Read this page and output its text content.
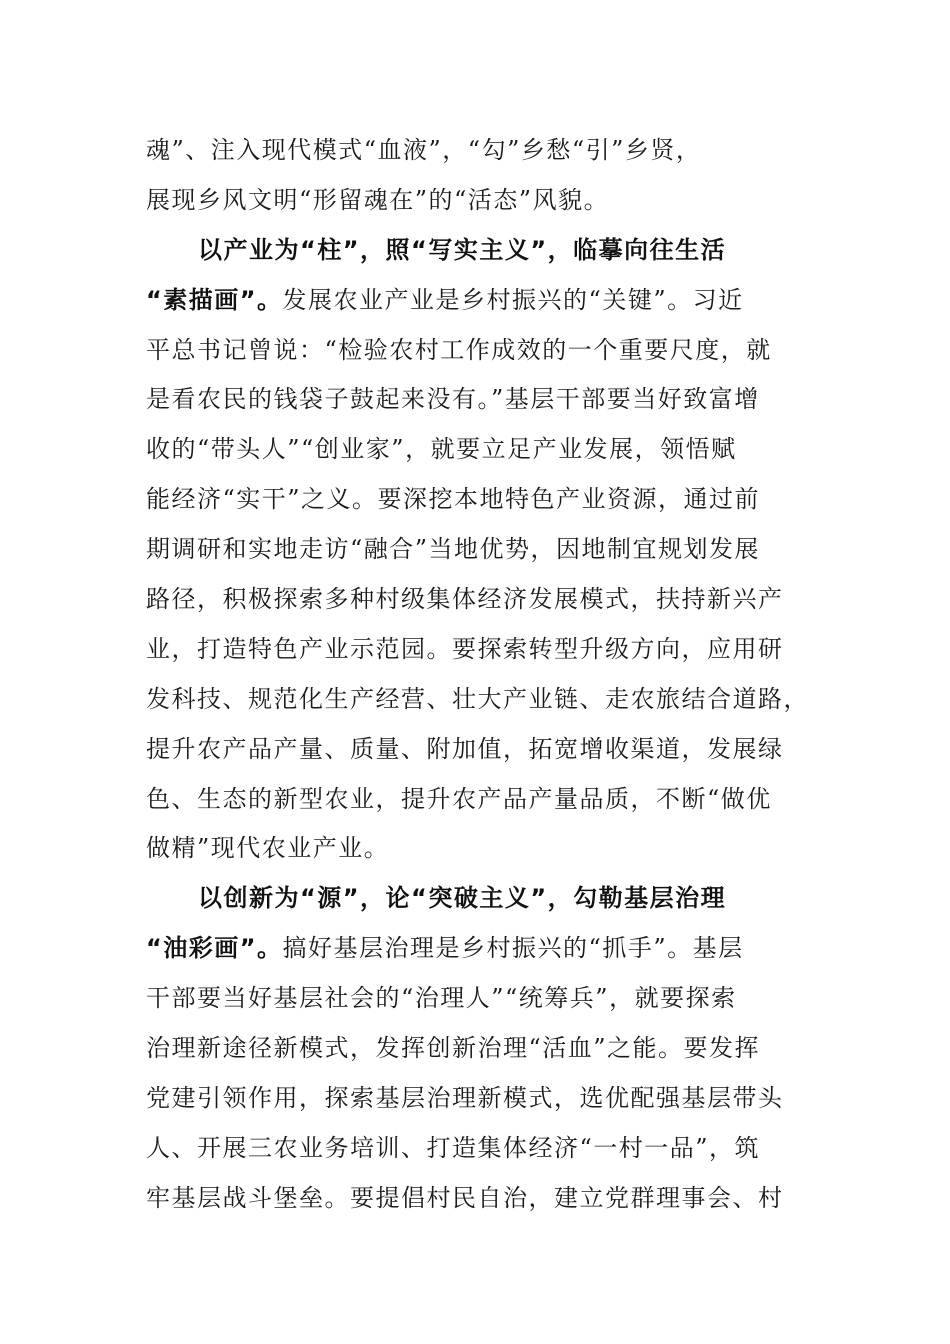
魂”、注入现代模式“血液”，“勾”乡愁“引”乡贤，
展现乡风文明“形留魂在”的“活态”风貌。
以产业为“柱”，照“写实主义”，临摹向往生活
“素描画”。发展农业产业是乡村振兴的“关键”。习近
平总书记曾说：“检验农村工作成效的一个重要尺度，就
是看农民的钱袋子鼓起来没有。”基层干部要当好致富增
收的“带头人”“创业家”，就要立足产业发展，领悟赋
能经济“实干”之义。要深挖本地特色产业资源，通过前
期调研和实地走访“融合”当地优势，因地制宜规划发展
路径，积极探索多种村级集体经济发展模式，扶持新兴产
业，打造特色产业示范园。要探索转型升级方向，应用研
发科技、规范化生产经营、壮大产业链、走农旅结合道路，
提升农产品产量、质量、附加值，拓宽增收渠道，发展绿
色、生态的新型农业，提升农产品产量品质，不断“做优
做精”现代农业产业。
以创新为“源”，论“突破主义”，勾勒基层治理
“油彩画”。搞好基层治理是乡村振兴的“抓手”。基层
干部要当好基层社会的“治理人”“统筹兵”，就要探索
治理新途径新模式，发挥创新治理“活血”之能。要发挥
党建引领作用，探索基层治理新模式，选优配强基层带头
人、开展三农业务培训、打造集体经济“一村一品”，筑
牢基层战斗堡垒。要提倡村民自治，建立党群理事会、村
